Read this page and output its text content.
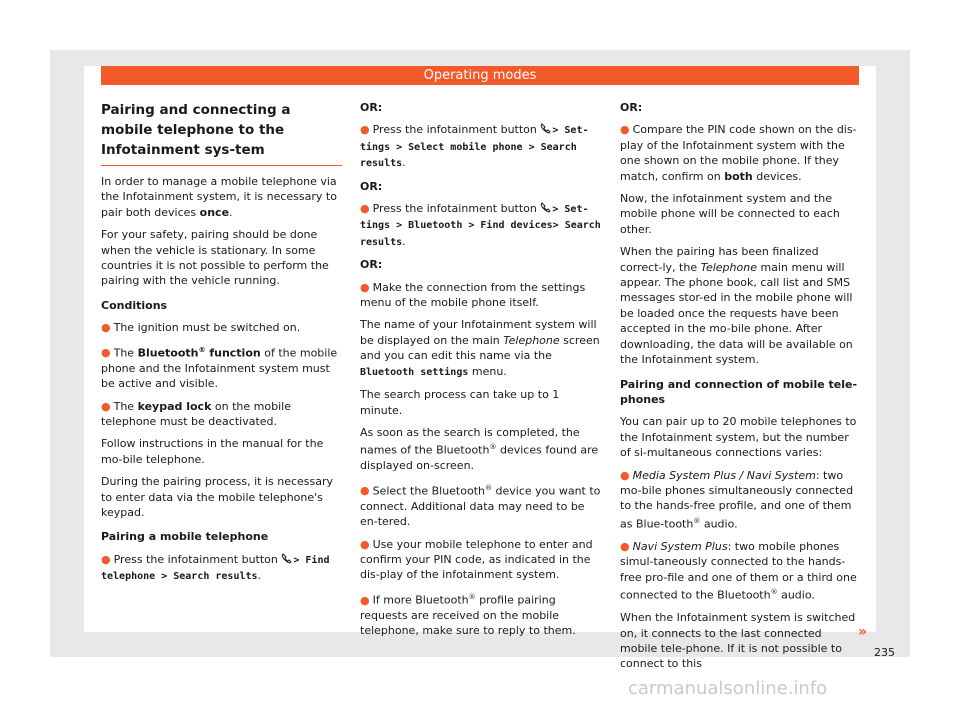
Operating modes
Pairing and connecting a mobile telephone to the Infotainment sys-tem

In order to manage a mobile telephone via the Infotainment system, it is necessary to pair both devices once.

For your safety, pairing should be done when the vehicle is stationary. In some countries it is not possible to perform the pairing with the vehicle running.

Conditions

● The ignition must be switched on.

● The Bluetooth® function of the mobile phone and the Infotainment system must be active and visible.

● The keypad lock on the mobile telephone must be deactivated.

Follow instructions in the manual for the mo-bile telephone.

During the pairing process, it is necessary to enter data via the mobile telephone's keypad.

Pairing a mobile telephone

● Press the infotainment button > Find telephone > Search results.

OR:

● Press the infotainment button > Set-tings > Select mobile phone > Search results.

OR:

● Press the infotainment button > Set-tings > Bluetooth > Find devices> Search results.

OR:

● Make the connection from the settings menu of the mobile phone itself.

The name of your Infotainment system will be displayed on the main Telephone screen and you can edit this name via the Bluetooth settings menu.

The search process can take up to 1 minute.

As soon as the search is completed, the names of the Bluetooth® devices found are displayed on-screen.

● Select the Bluetooth® device you want to connect. Additional data may need to be en-tered.

● Use your mobile telephone to enter and confirm your PIN code, as indicated in the dis-play of the infotainment system.

● If more Bluetooth® profile pairing requests are received on the mobile telephone, make sure to reply to them.

OR:

● Compare the PIN code shown on the dis-play of the Infotainment system with the one shown on the mobile phone. If they match, confirm on both devices.

Now, the infotainment system and the mobile phone will be connected to each other.

When the pairing has been finalized correct-ly, the Telephone main menu will appear. The phone book, call list and SMS messages stor-ed in the mobile phone will be loaded once the requests have been accepted in the mo-bile phone. After downloading, the data will be available on the Infotainment system.

Pairing and connection of mobile tele-phones

You can pair up to 20 mobile telephones to the Infotainment system, but the number of si-multaneous connections varies:

● Media System Plus / Navi System: two mo-bile phones simultaneously connected to the hands-free profile, and one of them as Blue-tooth® audio.

● Navi System Plus: two mobile phones simul-taneously connected to the hands-free pro-file and one of them or a third one connected to the Bluetooth® audio.

When the Infotainment system is switched on, it connects to the last connected mobile tele-phone. If it is not possible to connect to this

»
235
carmanualsonline.info
